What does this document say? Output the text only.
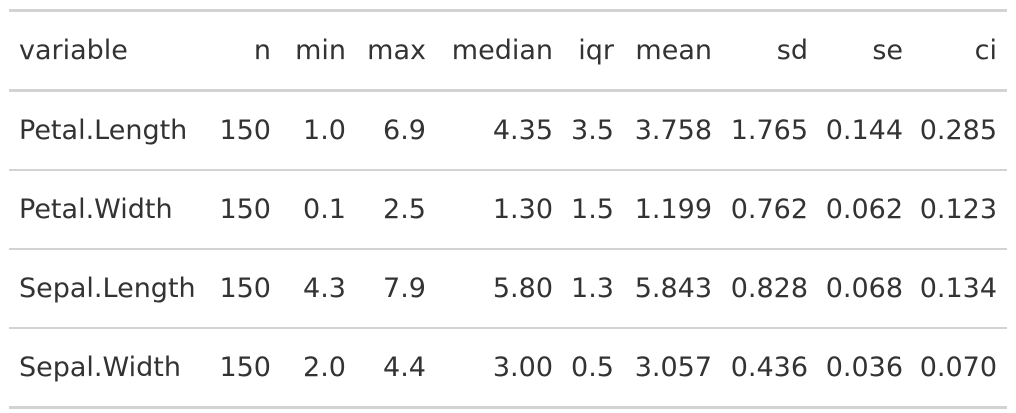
variable	n	min	max	median	iqr	mean	sd	se	ci
Petal.Length	150	1.0	6.9	4.35	3.5	3.758	1.765	0.144	0.285
Petal.Width	150	0.1	2.5	1.30	1.5	1.199	0.762	0.062	0.123
Sepal.Length	150	4.3	7.9	5.80	1.3	5.843	0.828	0.068	0.134
Sepal.Width	150	2.0	4.4	3.00	0.5	3.057	0.436	0.036	0.070
